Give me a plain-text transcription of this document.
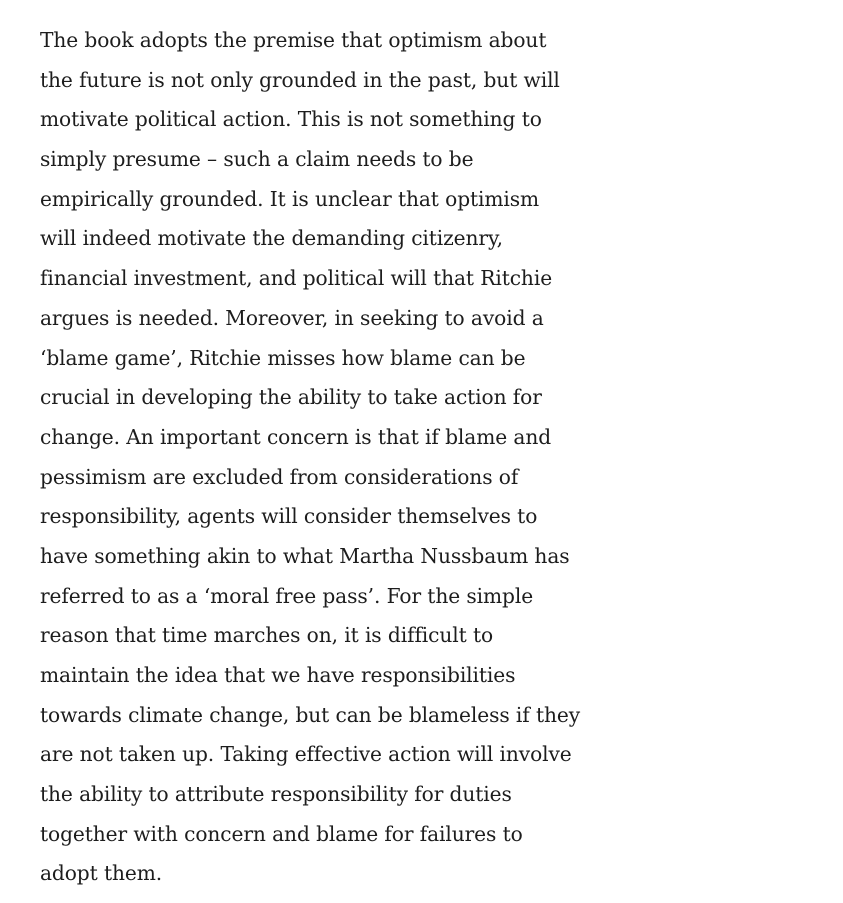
The book adopts the premise that optimism about
the future is not only grounded in the past, but will
motivate political action. This is not something to
simply presume – such a claim needs to be
empirically grounded. It is unclear that optimism
will indeed motivate the demanding citizenry,
financial investment, and political will that Ritchie
argues is needed. Moreover, in seeking to avoid a
‘blame game’, Ritchie misses how blame can be
crucial in developing the ability to take action for
change. An important concern is that if blame and
pessimism are excluded from considerations of
responsibility, agents will consider themselves to
have something akin to what Martha Nussbaum has
referred to as a ‘moral free pass’. For the simple
reason that time marches on, it is difficult to
maintain the idea that we have responsibilities
towards climate change, but can be blameless if they
are not taken up. Taking effective action will involve
the ability to attribute responsibility for duties
together with concern and blame for failures to
adopt them.
